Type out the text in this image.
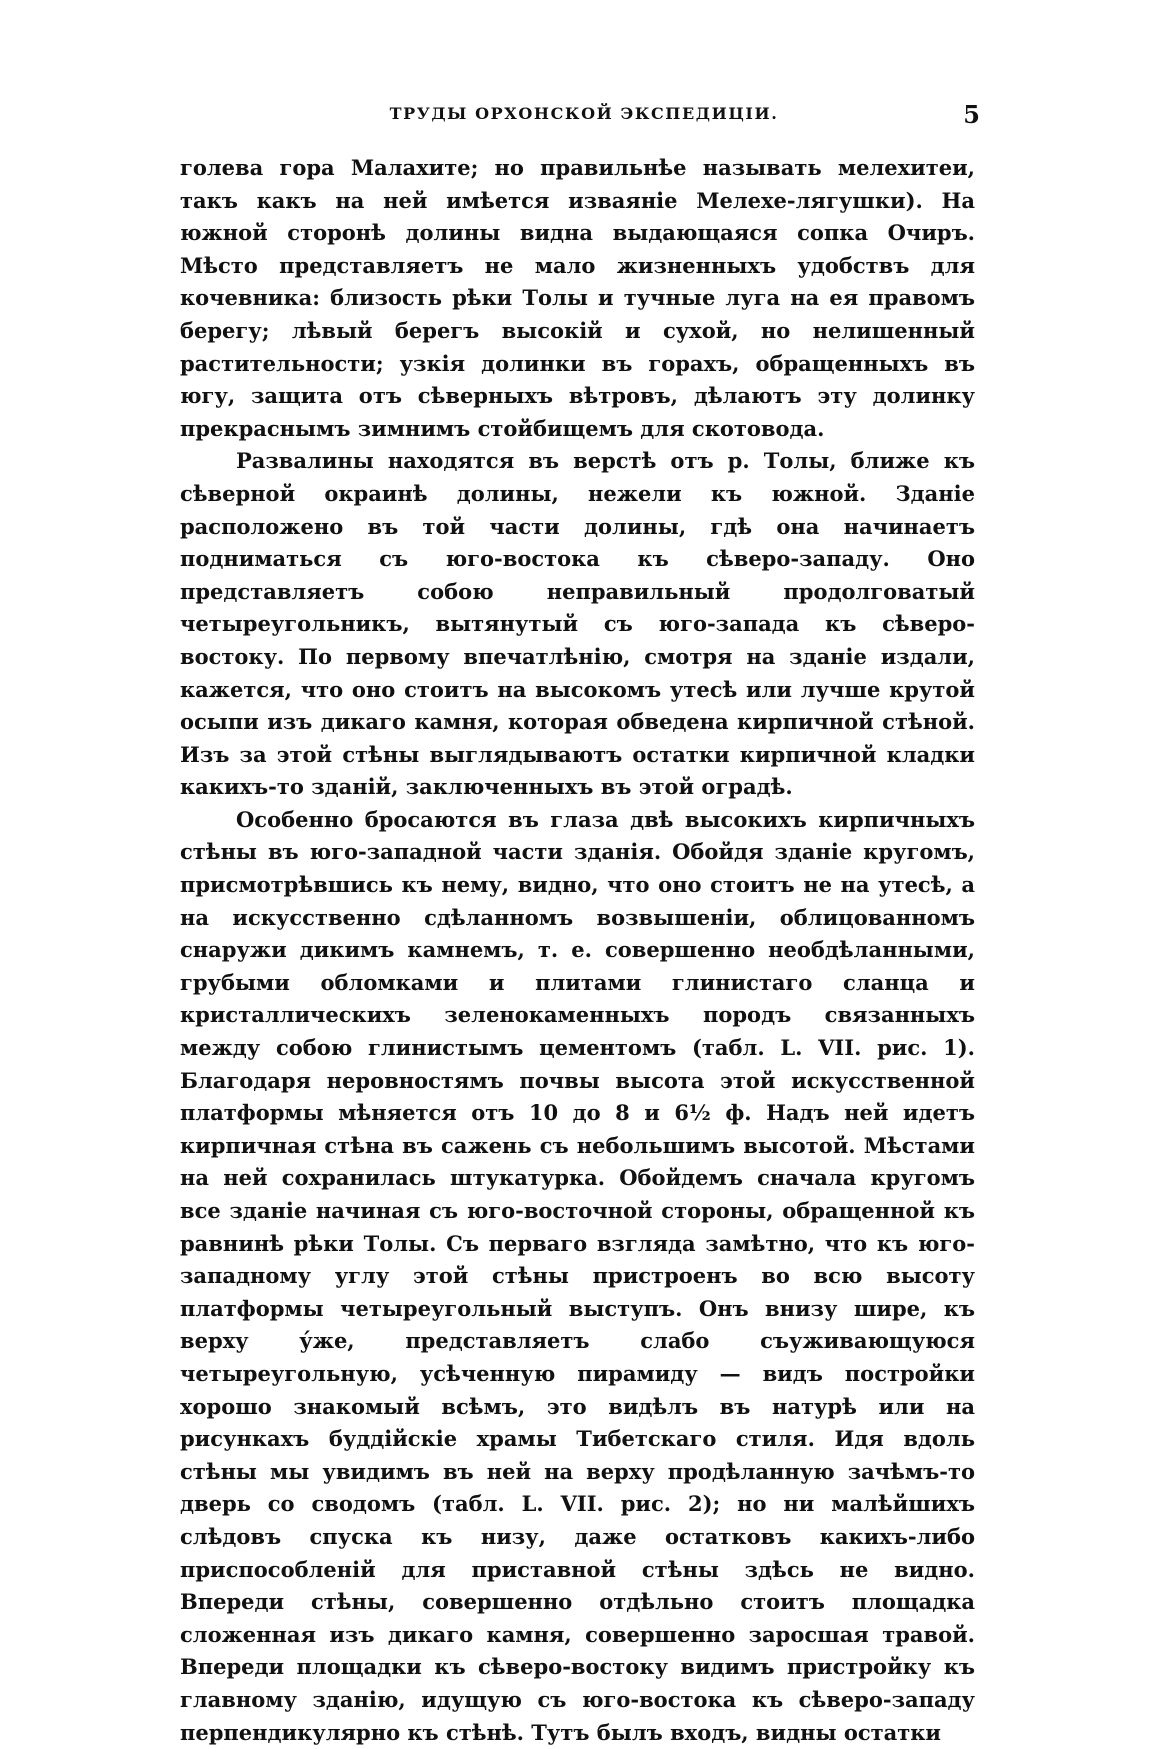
ТРУДЫ ОРХОНСКОЙ ЭКСПЕДИЦІИ.	5

голева гора Малахите; но правильнѣе называть мелехитеи, такъ какъ на ней имѣется изваяніе Мелехе-лягушки). На южной сторонѣ долины видна выдающаяся сопка Очиръ. Мѣсто представляетъ не мало жизненныхъ удобствъ для кочевника: близость рѣки Толы и тучные луга на ея правомъ берегу; лѣвый берегъ высокій и сухой, но нелишенный растительности; узкія долинки въ горахъ, обращенныхъ въ югу, защита отъ сѣверныхъ вѣтровъ, дѣлаютъ эту долинку прекраснымъ зимнимъ стойбищемъ для скотовода.

Развалины находятся въ верстѣ отъ р. Толы, ближе къ сѣверной окраинѣ долины, нежели къ южной. Зданіе расположено въ той части долины, гдѣ она начинаетъ подниматься съ юго-востока къ сѣверо-западу. Оно представляетъ собою неправильный продолговатый четыреугольникъ, вытянутый съ юго-запада къ сѣверо-востоку. По первому впечатлѣнію, смотря на зданіе издали, кажется, что оно стоитъ на высокомъ утесѣ или лучше крутой осыпи изъ дикаго камня, которая обведена кирпичной стѣной. Изъ за этой стѣны выглядываютъ остатки кирпичной кладки какихъ-то зданій, заключенныхъ въ этой оградѣ.

Особенно бросаются въ глаза двѣ высокихъ кирпичныхъ стѣны въ юго-западной части зданія. Обойдя зданіе кругомъ, присмотрѣвшись къ нему, видно, что оно стоитъ не на утесѣ, а на искусственно сдѣланномъ возвышеніи, облицованномъ снаружи дикимъ камнемъ, т. е. совершенно необдѣланными, грубыми обломками и плитами глинистаго сланца и кристаллическихъ зеленокаменныхъ породъ связанныхъ между собою глинистымъ цементомъ (табл. L. VII. рис. 1). Благодаря неровностямъ почвы высота этой искусственной платформы мѣняется отъ 10 до 8 и 6½ ф. Надъ ней идетъ кирпичная стѣна въ сажень съ небольшимъ высотой. Мѣстами на ней сохранилась штукатурка. Обойдемъ сначала кругомъ все зданіе начиная съ юго-восточной стороны, обращенной къ равнинѣ рѣки Толы. Съ перваго взгляда замѣтно, что къ юго-западному углу этой стѣны пристроенъ во всю высоту платформы четыреугольный выступъ. Онъ внизу шире, къ верху у́же, представляетъ слабо съуживающуюся четыреугольную, усѣченную пирамиду — видъ постройки хорошо знакомый всѣмъ, это видѣлъ въ натурѣ или на рисункахъ буддійскіе храмы Тибетскаго стиля. Идя вдоль стѣны мы увидимъ въ ней на верху продѣланную зачѣмъ-то дверь со сводомъ (табл. L. VII. рис. 2); но ни малѣйшихъ слѣдовъ спуска къ низу, даже остатковъ какихъ-либо приспособленій для приставной стѣны здѣсь не видно. Впереди стѣны, совершенно отдѣльно стоитъ площадка сложенная изъ дикаго камня, совершенно заросшая травой. Впереди площадки къ сѣверо-востоку видимъ пристройку къ главному зданію, идущую съ юго-востока къ сѣверо-западу перпендикулярно къ стѣнѣ. Тутъ былъ входъ, видны остатки
